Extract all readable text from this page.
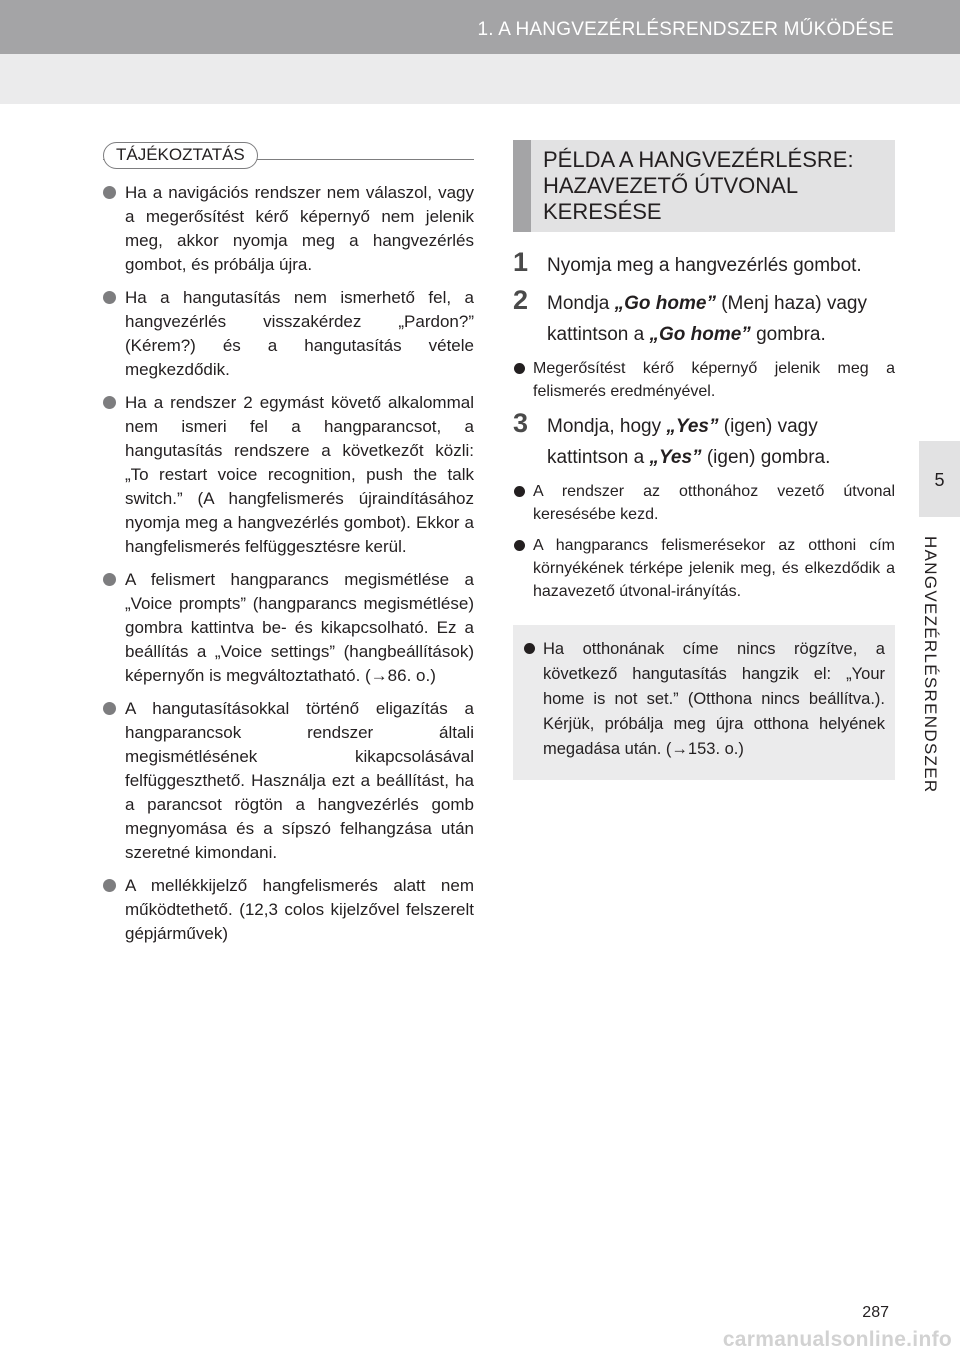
1. A HANGVEZÉRLÉSRENDSZER MŰKÖDÉSE
5
HANGVEZÉRLÉSRENDSZER
TÁJÉKOZTATÁS
Ha a navigációs rendszer nem válaszol, vagy a megerősítést kérő képernyő nem jelenik meg, akkor nyomja meg a hangvezérlés gombot, és próbálja újra.
Ha a hangutasítás nem ismerhető fel, a hangvezérlés visszakérdez „Pardon?” (Kérem?) és a hangutasítás vétele megkezdődik.
Ha a rendszer 2 egymást követő alkalommal nem ismeri fel a hangparancsot, a hangutasítás rendszere a következőt közli: „To restart voice recognition, push the talk switch.” (A hangfelismerés újraindításához nyomja meg a hangvezérlés gombot). Ekkor a hangfelismerés felfüggesztésre kerül.
A felismert hangparancs megismétlése a „Voice prompts” (hangparancs megismétlése) gombra kattintva be- és kikapcsolható. Ez a beállítás a „Voice settings” (hangbeállítások) képernyőn is megváltoztatható. (→86. o.)
A hangutasításokkal történő eligazítás a hangparancsok rendszer általi megismétlésének kikapcsolásával felfüggeszthető. Használja ezt a beállítást, ha a parancsot rögtön a hangvezérlés gomb megnyomása és a sípszó felhangzása után szeretné kimondani.
A mellékkijelző hangfelismerés alatt nem működtethető. (12,3 colos kijelzővel felszerelt gépjárművek)
PÉLDA A HANGVEZÉRLÉSRE: HAZAVEZETŐ ÚTVONAL KERESÉSE
1 Nyomja meg a hangvezérlés gombot.
2 Mondja „Go home” (Menj haza) vagy kattintson a „Go home” gombra.
Megerősítést kérő képernyő jelenik meg a felismerés eredményével.
3 Mondja, hogy „Yes” (igen) vagy kattintson a „Yes” (igen) gombra.
A rendszer az otthonához vezető útvonal keresésébe kezd.
A hangparancs felismerésekor az otthoni cím környékének térképe jelenik meg, és elkezdődik a hazavezető útvonal-irányítás.
Ha otthonának címe nincs rögzítve, a következő hangutasítás hangzik el: „Your home is not set.” (Otthona nincs beállítva.). Kérjük, próbálja meg újra otthona helyének megadása után. (→153. o.)
287
carmanualsonline.info
